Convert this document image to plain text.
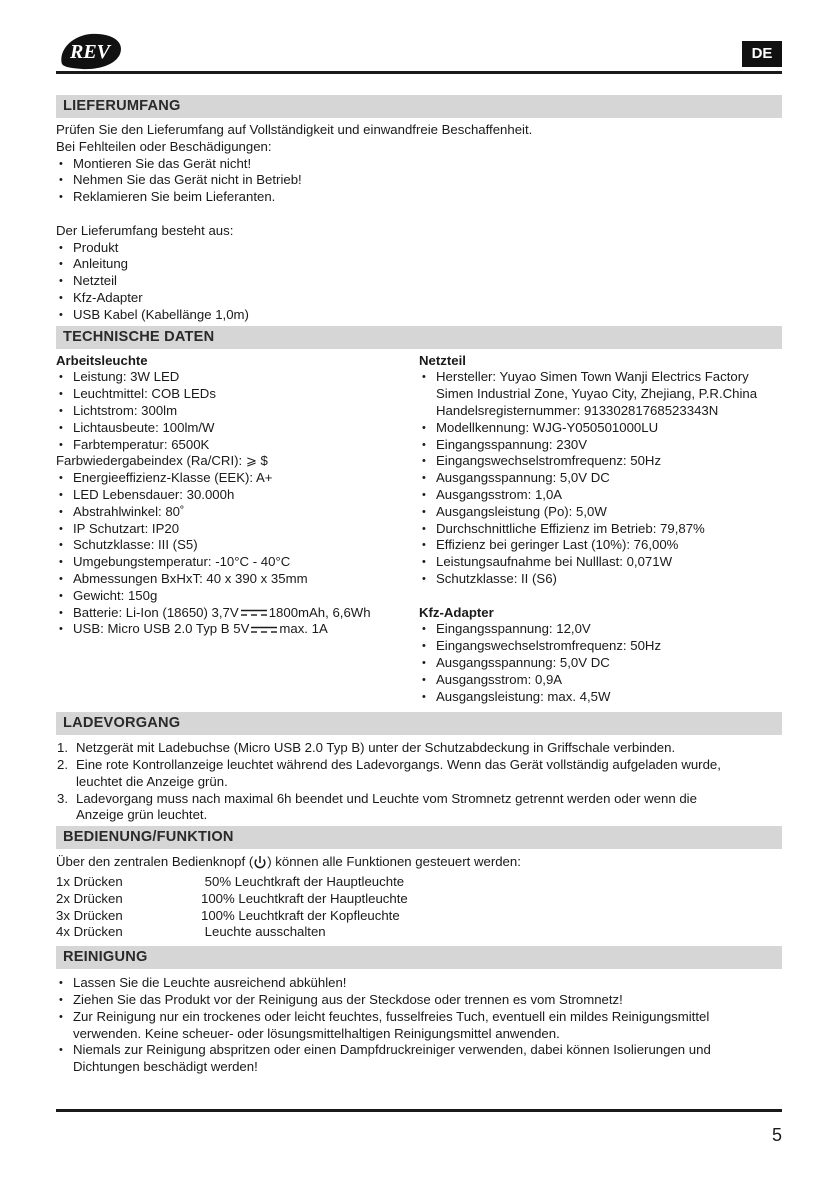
REV	DE
LIEFERUMFANG

Prüfen Sie den Lieferumfang auf Vollständigkeit und einwandfreie Beschaffenheit.

Bei Fehlteilen oder Beschädigungen:

• Montieren Sie das Gerät nicht!
• Nehmen Sie das Gerät nicht in Betrieb!
• Reklamieren Sie beim Lieferanten.

Der Lieferumfang besteht aus:

• Produkt
• Anleitung
• Netzteil
• Kfz-Adapter
• USB Kabel (Kabellänge 1,0m)
TECHNISCHE DATEN
Arbeitsleuchte
• Leistung: 3W LED
• Leuchtmittel: COB LEDs
• Lichtstrom: 300lm
• Lichtausbeute: 100lm/W
• Farbtemperatur: 6500K

Farbwiedergabeindex (Ra/CRI): ⩾ $

• Energieeffizienz-Klasse (EEK): A+
• LED Lebensdauer: 30.000h
• Abstrahlwinkel: 80˚
• IP Schutzart: IP20
• Schutzklasse: III (S5)
• Umgebungstemperatur: -10°C - 40°C
• Abmessungen BxHxT: 40 x 390 x 35mm
• Gewicht: 150g
• Batterie: Li-Ion (18650) 3,7V 1800mAh, 6,6Wh
• USB: Micro USB 2.0 Typ B 5V max. 1A
Netzteil
• Hersteller: Yuyao Simen Town Wanji Electrics Factory
Simen Industrial Zone, Yuyao City, Zhejiang, P.R.China
Handelsregisternummer: 91330281768523343N
• Modellkennung: WJG-Y050501000LU
• Eingangsspannung: 230V
• Eingangswechselstromfrequenz: 50Hz
• Ausgangsspannung: 5,0V DC
• Ausgangsstrom: 1,0A
• Ausgangsleistung (Po): 5,0W
• Durchschnittliche Effizienz im Betrieb: 79,87%
• Effizienz bei geringer Last (10%): 76,00%
• Leistungsaufnahme bei Nulllast: 0,071W
• Schutzklasse: II (S6)
Kfz-Adapter
• Eingangsspannung: 12,0V
• Eingangswechselstromfrequenz: 50Hz
• Ausgangsspannung: 5,0V DC
• Ausgangsstrom: 0,9A
• Ausgangsleistung: max. 4,5W
LADEVORGANG
1. Netzgerät mit Ladebuchse (Micro USB 2.0 Typ B) unter der Schutzabdeckung in Griffschale verbinden.
2. Eine rote Kontrollanzeige leuchtet während des Ladevorgangs. Wenn das Gerät vollständig aufgeladen wurde,
leuchtet die Anzeige grün.
3. Ladevorgang muss nach maximal 6h beendet und Leuchte vom Stromnetz getrennt werden oder wenn die
Anzeige grün leuchtet.
BEDIENUNG/FUNKTION

Über den zentralen Bedienknopf ( ) können alle Funktionen gesteuert werden:

1x Drücken	50% Leuchtkraft der Hauptleuchte
2x Drücken	100% Leuchtkraft der Hauptleuchte
3x Drücken	100% Leuchtkraft der Kopfleuchte
4x Drücken	Leuchte ausschalten
REINIGUNG
• Lassen Sie die Leuchte ausreichend abkühlen!
• Ziehen Sie das Produkt vor der Reinigung aus der Steckdose oder trennen es vom Stromnetz!
• Zur Reinigung nur ein trockenes oder leicht feuchtes, fusselfreies Tuch, eventuell ein mildes Reinigungsmittel
verwenden. Keine scheuer- oder lösungsmittelhaltigen Reinigungsmittel anwenden.
• Niemals zur Reinigung abspritzen oder einen Dampfdruckreiniger verwenden, dabei können Isolierungen und
Dichtungen beschädigt werden!
5
